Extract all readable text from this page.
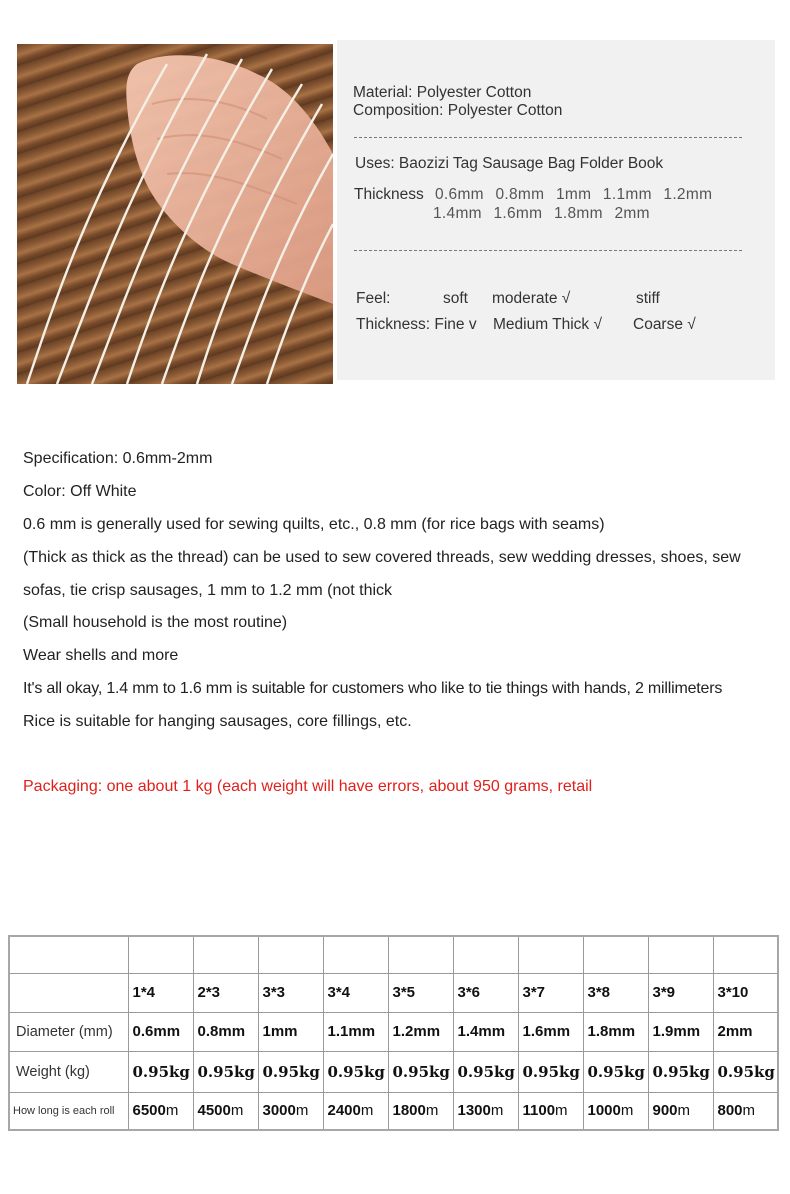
Material: Polyester Cotton
Composition: Polyester Cotton
Uses: Baozizi Tag Sausage Bag Folder Book
Thickness 0.6mm 0.8mm 1mm 1.1mm 1.2mm
1.4mm 1.6mm 1.8mm 2mm
Feel:	soft moderate √	stiff
Thickness: Fine v Medium Thick √ Coarse √
Specification: 0.6mm-2mm
Color: Off White
0.6 mm is generally used for sewing quilts, etc., 0.8 mm (for rice bags with seams)
(Thick as thick as the thread) can be used to sew covered threads, sew wedding dresses, shoes, sew
sofas, tie crisp sausages, 1 mm to 1.2 mm (not thick
(Small household is the most routine)
Wear shells and more
It's all okay, 1.4 mm to 1.6 mm is suitable for customers who like to tie things with hands, 2 millimeters
Rice is suitable for hanging sausages, core fillings, etc.
Packaging: one about 1 kg (each weight will have errors, about 950 grams, retail

	1*4	2*3	3*3	3*4	3*5	3*6	3*7	3*8	3*9	3*10
Diameter (mm)	0.6mm	0.8mm	1mm	1.1mm	1.2mm	1.4mm	1.6mm	1.8mm	1.9mm	2mm
Weight (kg)	0.95kg	0.95kg	0.95kg	0.95kg	0.95kg	0.95kg	0.95kg	0.95kg	0.95kg	0.95kg
How long is each roll	6500m	4500m	3000m	2400m	1800m	1300m	1100m	1000m	900m	800m
